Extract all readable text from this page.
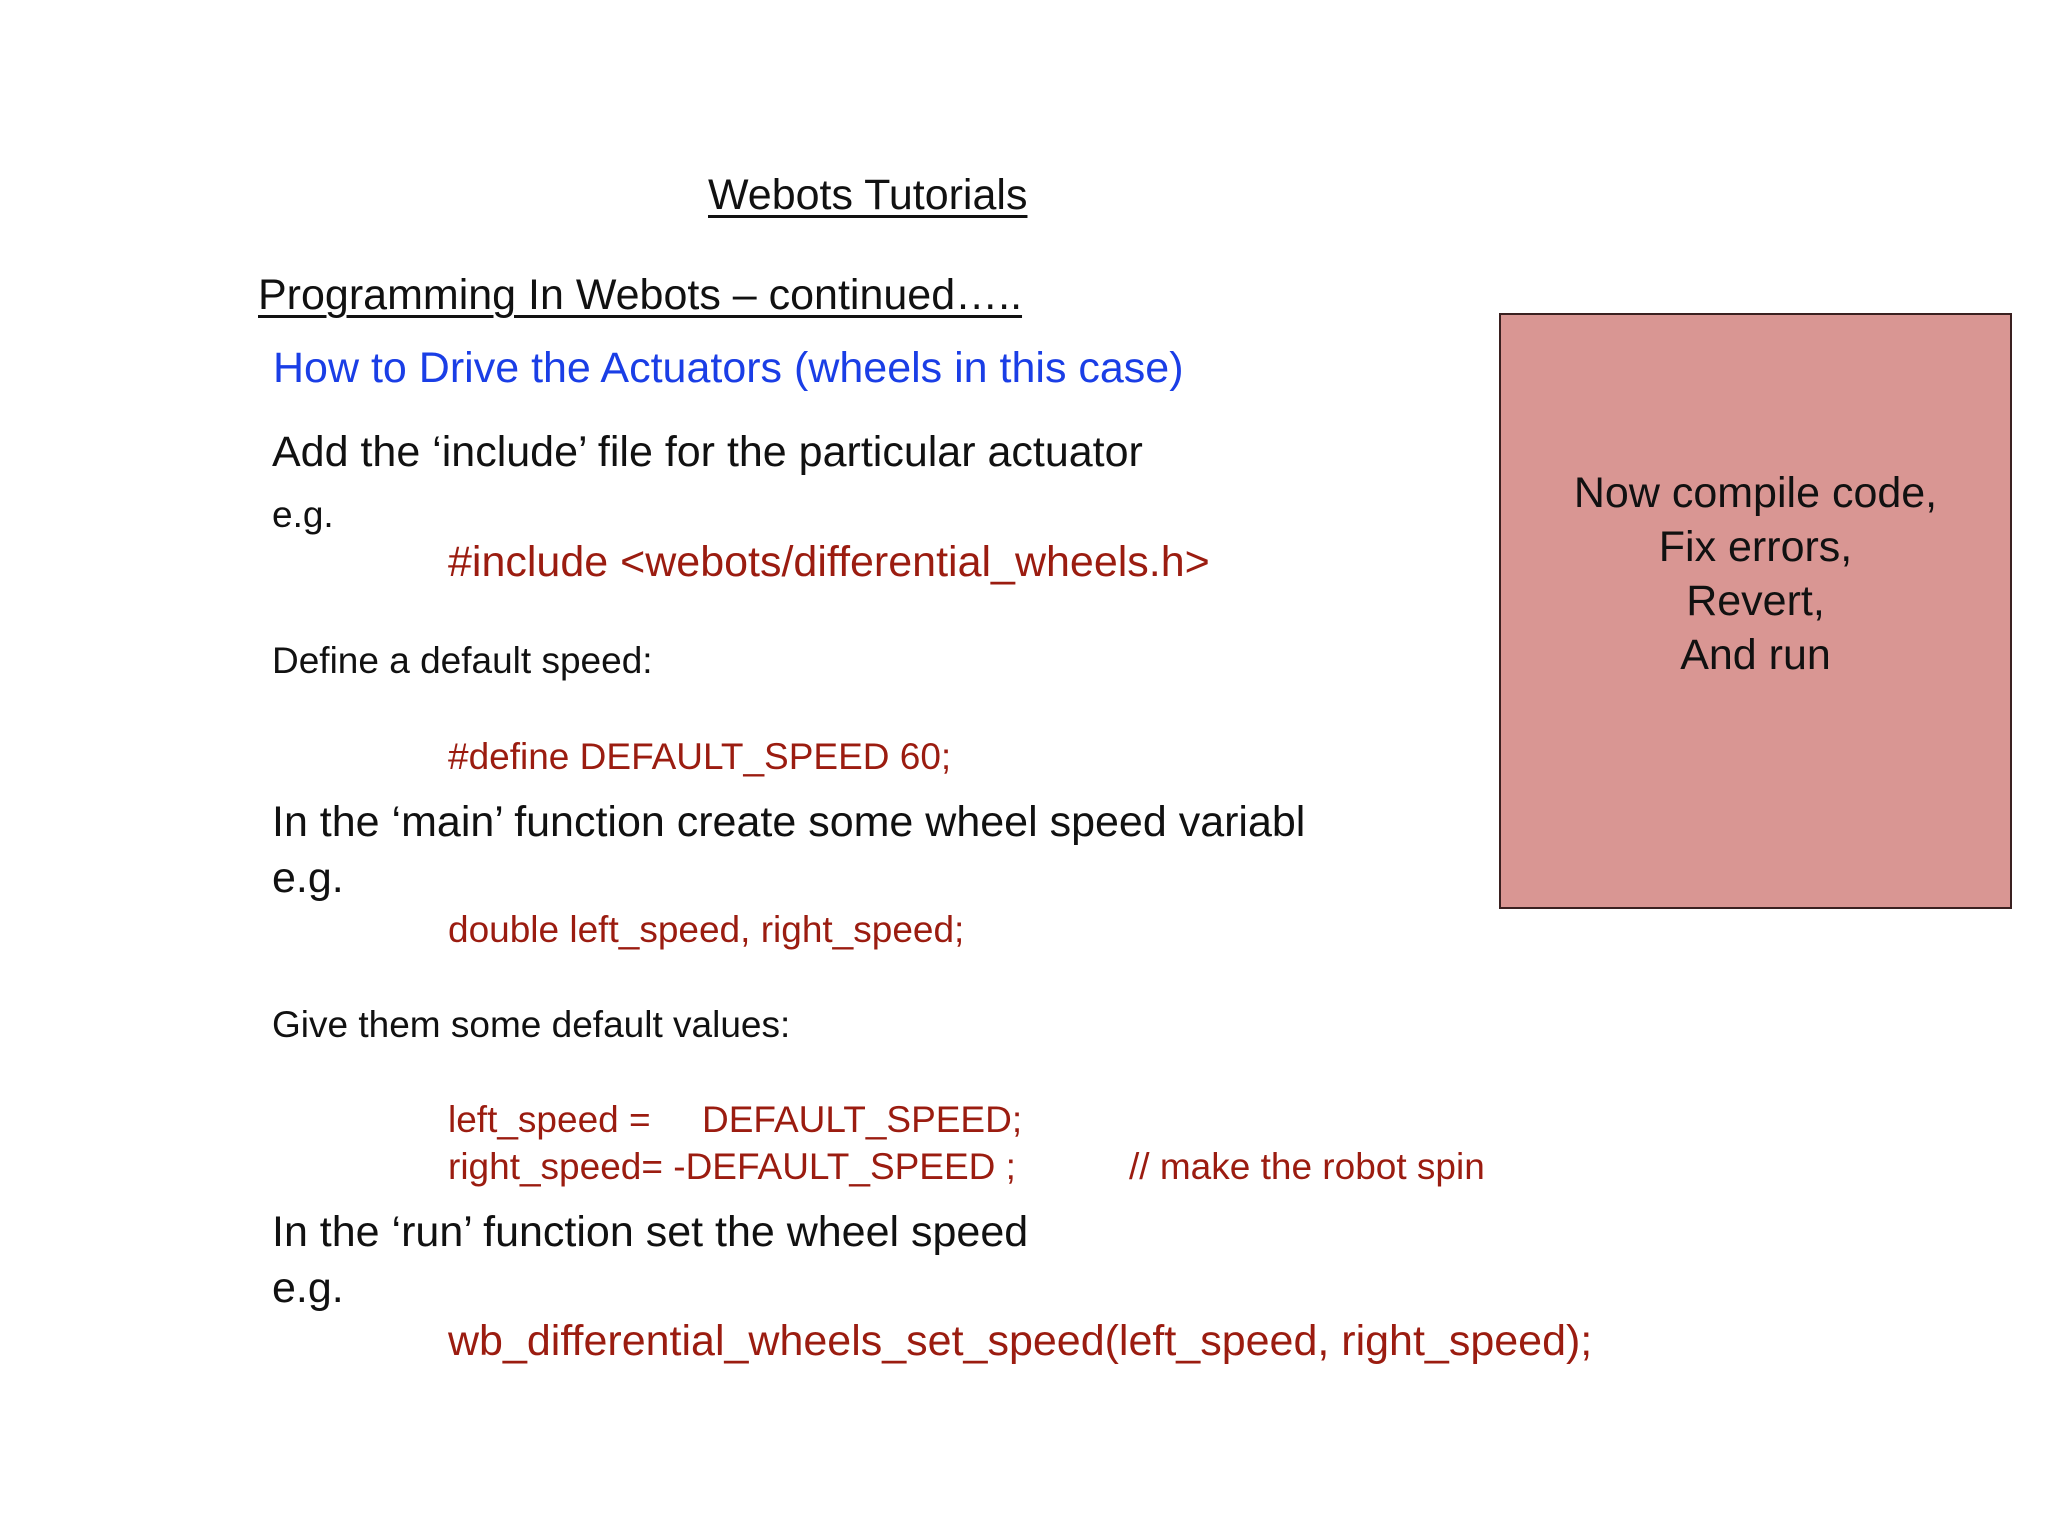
Webots Tutorials

Programming In Webots – continued…..

How to Drive the Actuators (wheels in this case)

Add the ‘include’ file for the particular actuator

e.g.

#include <webots/differential_wheels.h>

Define a default speed:

#define DEFAULT_SPEED 60;

In the ‘main’ function create some wheel speed variabl

e.g.

double left_speed, right_speed;

Give them some default values:

left_speed =     DEFAULT_SPEED;

right_speed= -DEFAULT_SPEED ;	// make the robot spin

In the ‘run’ function set the wheel speed

e.g.

wb_differential_wheels_set_speed(left_speed, right_speed);

Now compile code,
Fix errors,
Revert,
And run
